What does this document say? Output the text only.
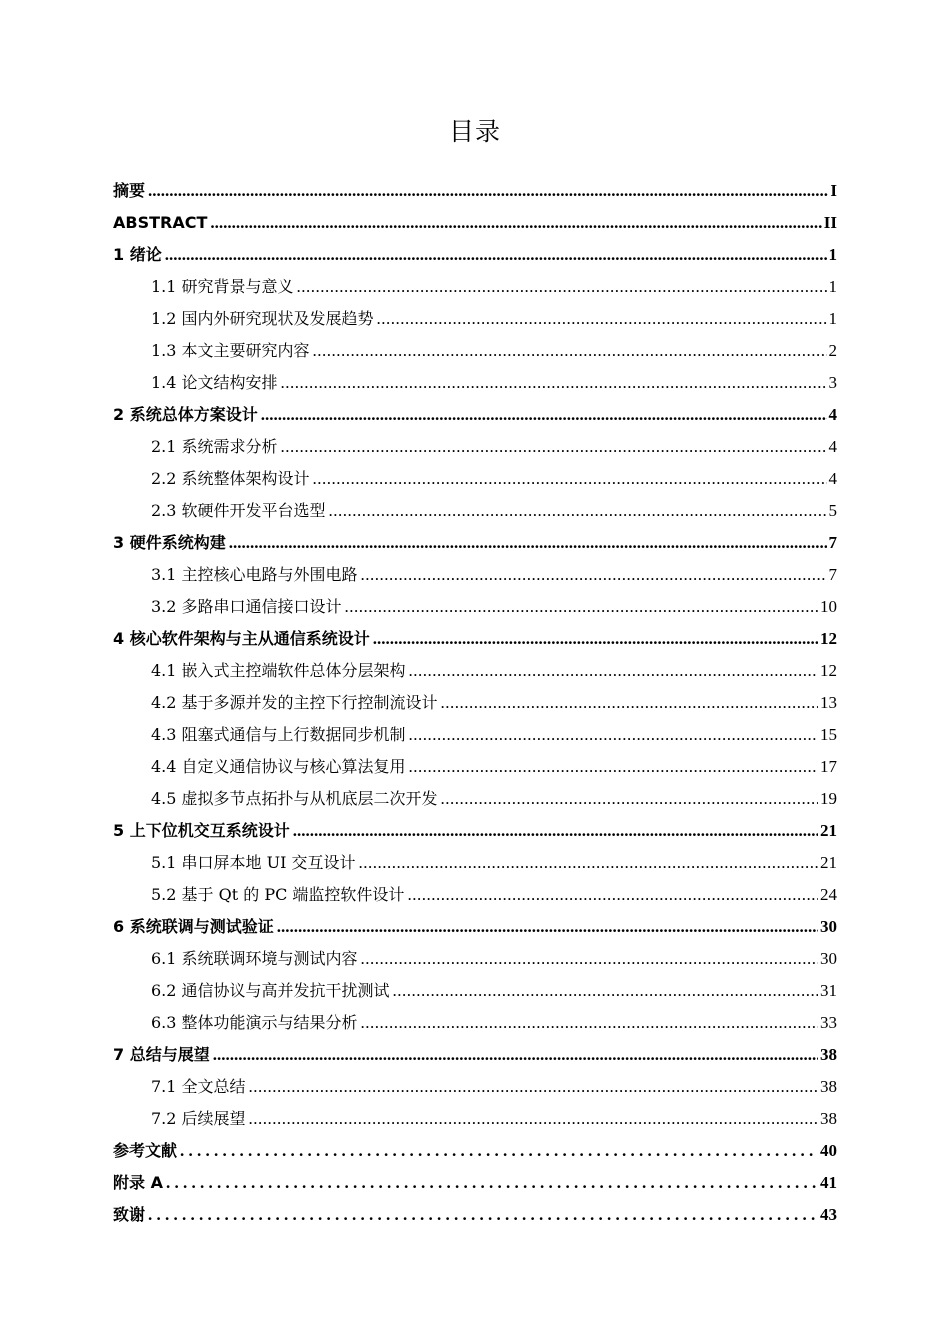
目录
摘要 .....	I
ABSTRACT .....	II
1 绪论 .....	1
1.1 研究背景与意义 .....	1
1.2 国内外研究现状及发展趋势 .....	1
1.3 本文主要研究内容 .....	2
1.4 论文结构安排 .....	3
2 系统总体方案设计 .....	4
2.1 系统需求分析 .....	4
2.2 系统整体架构设计 .....	4
2.3 软硬件开发平台选型 .....	5
3 硬件系统构建 .....	7
3.1 主控核心电路与外围电路 .....	7
3.2 多路串口通信接口设计 .....	10
4 核心软件架构与主从通信系统设计 .....	12
4.1 嵌入式主控端软件总体分层架构 .....	12
4.2 基于多源并发的主控下行控制流设计 .....	13
4.3 阻塞式通信与上行数据同步机制 .....	15
4.4 自定义通信协议与核心算法复用 .....	17
4.5 虚拟多节点拓扑与从机底层二次开发 .....	19
5 上下位机交互系统设计 .....	21
5.1 串口屏本地 UI 交互设计 .....	21
5.2 基于 Qt 的 PC 端监控软件设计 .....	24
6 系统联调与测试验证 .....	30
6.1 系统联调环境与测试内容 .....	30
6.2 通信协议与高并发抗干扰测试 .....	31
6.3 整体功能演示与结果分析 .....	33
7 总结与展望 .....	38
7.1 全文总结 .....	38
7.2 后续展望 .....	38
参考文献 . . .	40
附录 A . . .	41
致谢 . . .	43
